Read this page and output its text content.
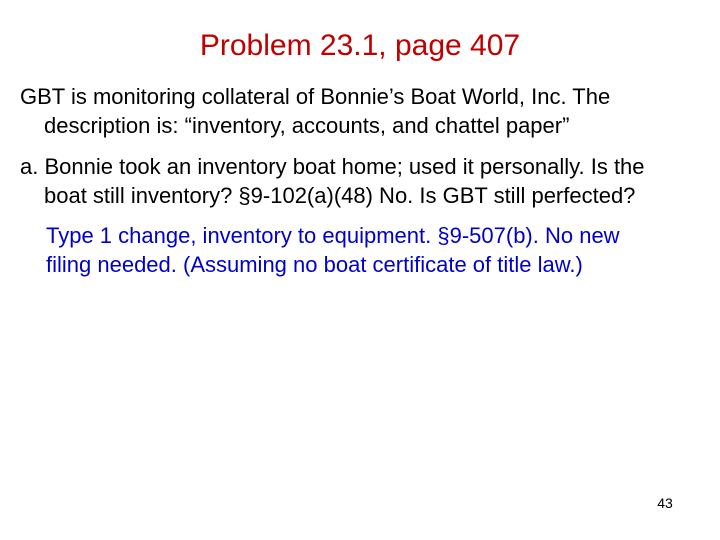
Problem 23.1, page 407

GBT is monitoring collateral of Bonnie’s Boat World, Inc. The
description is: “inventory, accounts, and chattel paper”

a. Bonnie took an inventory boat home; used it personally. Is the
boat still inventory? §9-102(a)(48) No. Is GBT still perfected?

Type 1 change, inventory to equipment. §9-507(b). No new
filing needed. (Assuming no boat certificate of title law.)

43
